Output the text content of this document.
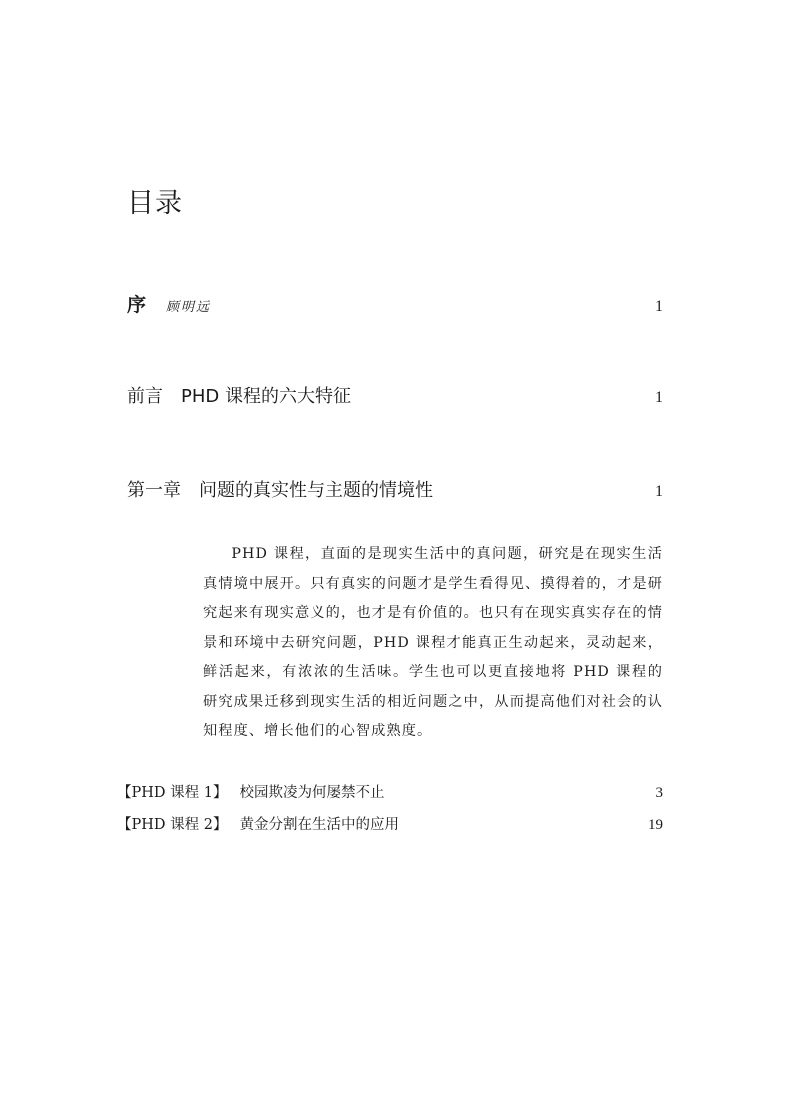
目录
序 顾明远	1
前言 PHD 课程的六大特征	1
第一章 问题的真实性与主题的情境性	1

PHD 课程，直面的是现实生活中的真问题，研究是在现实生活真情境中展开。只有真实的问题才是学生看得见、摸得着的，才是研究起来有现实意义的，也才是有价值的。也只有在现实真实存在的情景和环境中去研究问题，PHD 课程才能真正生动起来，灵动起来，鲜活起来，有浓浓的生活味。学生也可以更直接地将 PHD 课程的研究成果迁移到现实生活的相近问题之中，从而提高他们对社会的认知程度、增长他们的心智成熟度。

【PHD 课程 1】 校园欺凌为何屡禁不止	3
【PHD 课程 2】 黄金分割在生活中的应用	19
